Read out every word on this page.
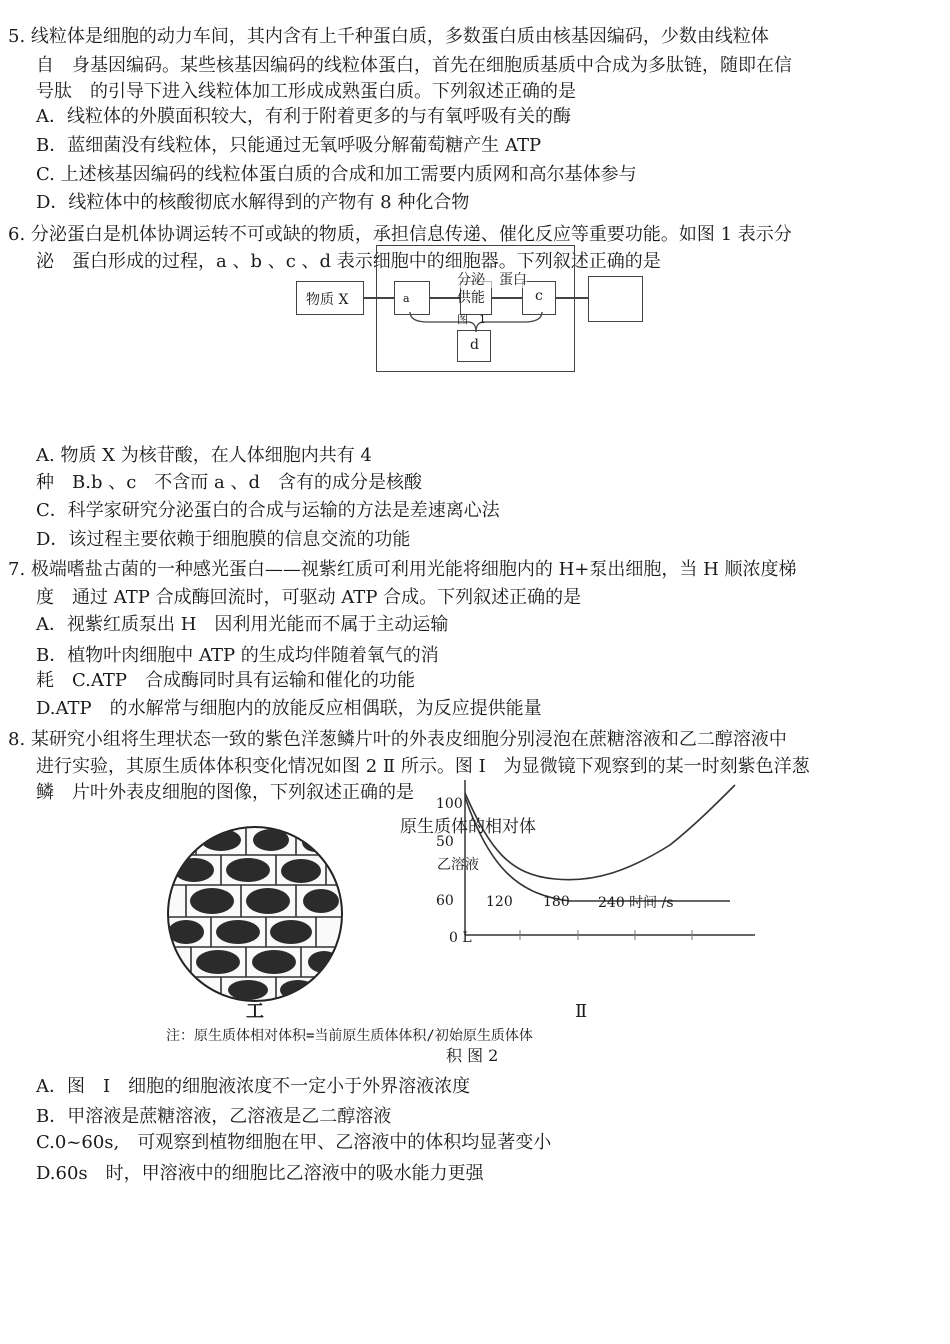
5. 线粒体是细胞的动力车间，其内含有上千种蛋白质，多数蛋白质由核基因编码，少数由线粒体
自　身基因编码。某些核基因编码的线粒体蛋白，首先在细胞质基质中合成为多肽链，随即在信
号肽　的引导下进入线粒体加工形成成熟蛋白质。下列叙述正确的是
A．线粒体的外膜面积较大，有利于附着更多的与有氧呼吸有关的酶
B．蓝细菌没有线粒体，只能通过无氧呼吸分解葡萄糖产生 ATP
C. 上述核基因编码的线粒体蛋白质的合成和加工需要内质网和高尔基体参与
D．线粒体中的核酸彻底水解得到的产物有 8 种化合物
6. 分泌蛋白是机体协调运转不可或缺的物质，承担信息传递、催化反应等重要功能。如图 1 表示分
泌　蛋白形成的过程，a 、b 、c 、d 表示细胞中的细胞器。下列叙述正确的是
物质 X	a	c
d
分泌　蛋白
供能
图　1
A. 物质 X 为核苷酸，在人体细胞内共有 4
种　B.b 、c　不含而 a 、d　含有的成分是核酸
C．科学家研究分泌蛋白的合成与运输的方法是差速离心法
D．该过程主要依赖于细胞膜的信息交流的功能
7. 极端嗜盐古菌的一种感光蛋白——视紫红质可利用光能将细胞内的 H+泵出细胞，当 H 顺浓度梯
度　通过 ATP 合成酶回流时，可驱动 ATP 合成。下列叙述正确的是
A．视紫红质泵出 H　因利用光能而不属于主动运输
B．植物叶肉细胞中 ATP 的生成均伴随着氧气的消
耗　C.ATP　合成酶同时具有运输和催化的功能
D.ATP　的水解常与细胞内的放能反应相偶联，为反应提供能量
8. 某研究小组将生理状态一致的紫色洋葱鳞片叶的外表皮细胞分别浸泡在蔗糖溶液和乙二醇溶液中
进行实验，其原生质体体积变化情况如图 2 Ⅱ 所示。图 I　为显微镜下观察到的某一时刻紫色洋葱
鳞　片叶外表皮细胞的图像，下列叙述正确的是
工
100
原生质体的相对体
50
乙溶液
60 120 180 240 时间 /s
0 L
Ⅱ
注：原生质体相对体积=当前原生质体体积/初始原生质体体
积 图 2
A．图　I　细胞的细胞液浓度不一定小于外界溶液浓度
B．甲溶液是蔗糖溶液，乙溶液是乙二醇溶液
C.0~60s,　可观察到植物细胞在甲、乙溶液中的体积均显著变小
D.60s　时，甲溶液中的细胞比乙溶液中的吸水能力更强
